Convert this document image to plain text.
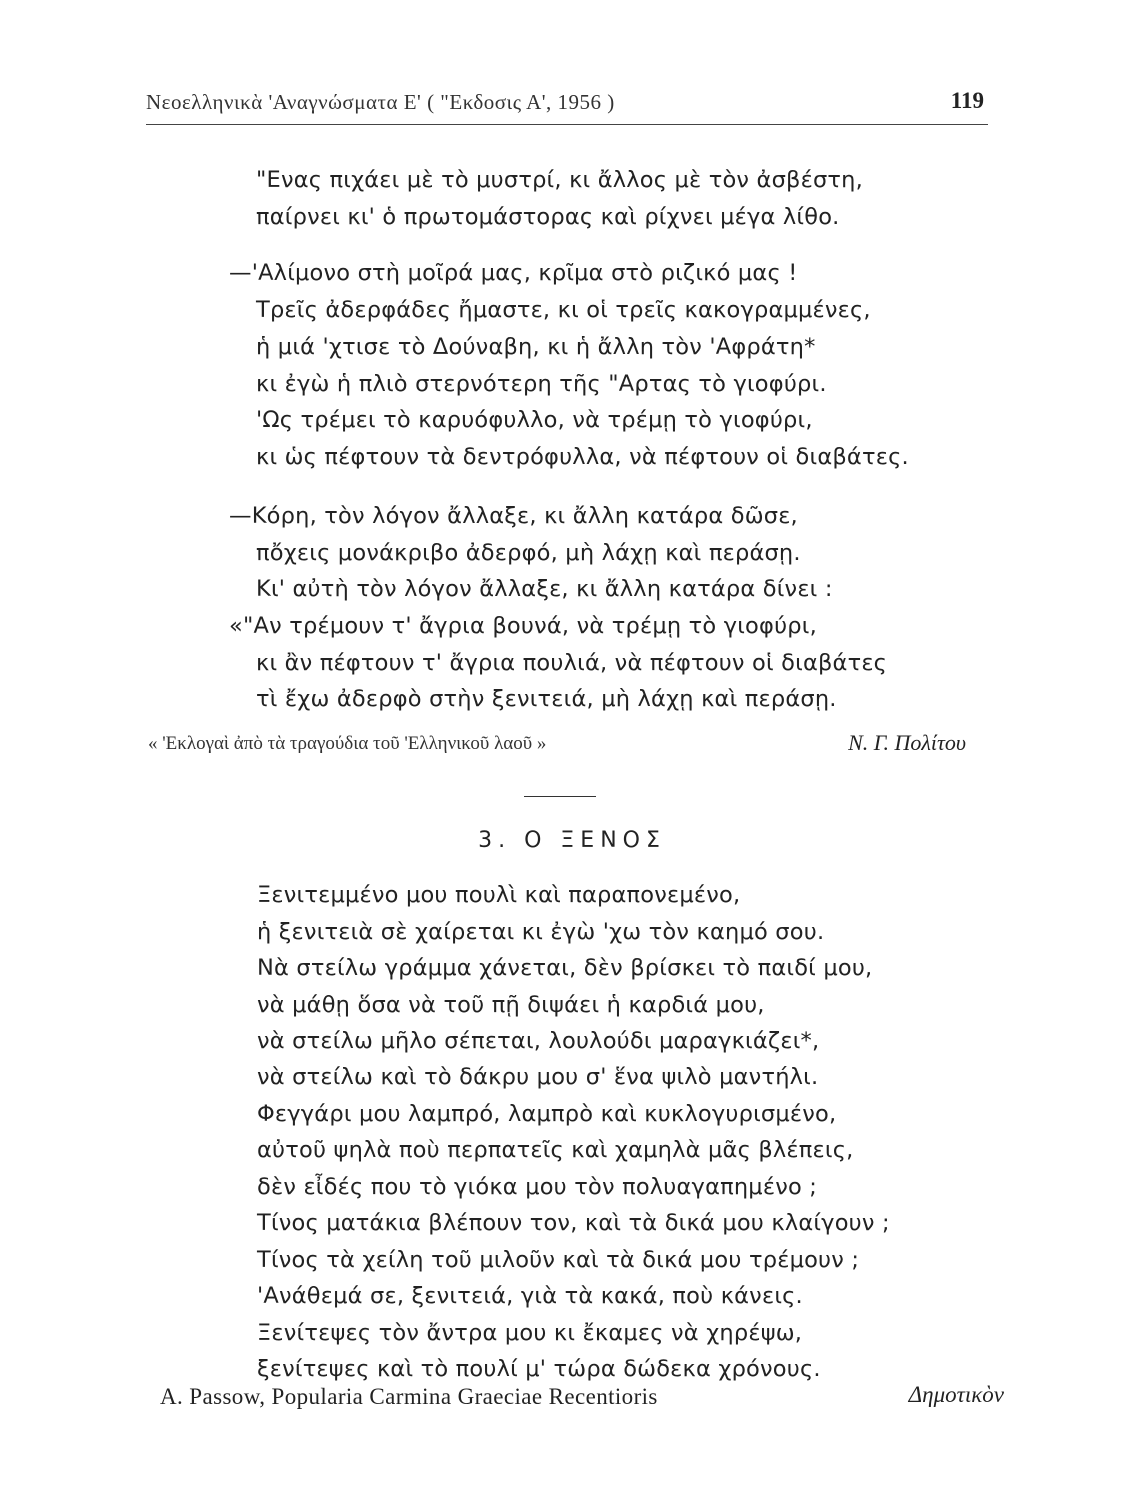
Νεοελληνικὰ 'Αναγνώσματα Ε' ( "Εκδοσις Α', 1956 )	119
"Ενας πιχάει μὲ τὸ μυστρί, κι ἄλλος μὲ τὸν ἀσβέστη,
παίρνει κι' ὁ πρωτομάστορας καὶ ρίχνει μέγα λίθο.
—'Αλίμονο στὴ μοῖρά μας, κρῖμα στὸ ριζικό μας !
Τρεῖς ἀδερφάδες ἤμαστε, κι οἱ τρεῖς κακογραμμένες,
ἡ μιά 'χτισε τὸ Δούναβη, κι ἡ ἄλλη τὸν 'Αφράτη*
κι ἐγὼ ἡ πλιὸ στερνότερη τῆς "Αρτας τὸ γιοφύρι.
'Ως τρέμει τὸ καρυόφυλλο, νὰ τρέμῃ τὸ γιοφύρι,
κι ὡς πέφτουν τὰ δεντρόφυλλα, νὰ πέφτουν οἱ διαβάτες.
—Κόρη, τὸν λόγον ἄλλαξε, κι ἄλλη κατάρα δῶσε,
πὄχεις μονάκριβο ἀδερφό, μὴ λάχῃ καὶ περάσῃ.
Κι' αὐτὴ τὸν λόγον ἄλλαξε, κι ἄλλη κατάρα δίνει :
«"Αν τρέμουν τ' ἄγρια βουνά, νὰ τρέμῃ τὸ γιοφύρι,
κι ἂν πέφτουν τ' ἄγρια πουλιά, νὰ πέφτουν οἱ διαβάτες
τὶ ἔχω ἀδερφὸ στὴν ξενιτειά, μὴ λάχῃ καὶ περάσῃ.
« 'Εκλογαὶ ἀπὸ τὰ τραγούδια τοῦ 'Ελληνικοῦ λαοῦ »	Ν. Γ. Πολίτου
3. Ο ΞΕΝΟΣ
Ξενιτεμμένο μου πουλὶ καὶ παραπονεμένο,
ἡ ξενιτειὰ σὲ χαίρεται κι ἐγὼ 'χω τὸν καημό σου.
Νὰ στείλω γράμμα χάνεται, δὲν βρίσκει τὸ παιδί μου,
νὰ μάθῃ ὅσα νὰ τοῦ πῇ διψάει ἡ καρδιά μου,
νὰ στείλω μῆλο σέπεται, λουλούδι μαραγκιάζει*,
νὰ στείλω καὶ τὸ δάκρυ μου σ' ἕνα ψιλὸ μαντήλι.
Φεγγάρι μου λαμπρό, λαμπρὸ καὶ κυκλογυρισμένο,
αὐτοῦ ψηλὰ ποὺ περπατεῖς καὶ χαμηλὰ μᾶς βλέπεις,
δὲν εἶδές που τὸ γιόκα μου τὸν πολυαγαπημένο ;
Τίνος ματάκια βλέπουν τον, καὶ τὰ δικά μου κλαίγουν ;
Τίνος τὰ χείλη τοῦ μιλοῦν καὶ τὰ δικά μου τρέμουν ;
'Ανάθεμά σε, ξενιτειά, γιὰ τὰ κακά, ποὺ κάνεις.
Ξενίτεψες τὸν ἄντρα μου κι ἔκαμες νὰ χηρέψω,
ξενίτεψες καὶ τὸ πουλί μ' τώρα δώδεκα χρόνους.
A. Passow, Popularia Carmina Graeciae Recentioris	Δημοτικὸν
